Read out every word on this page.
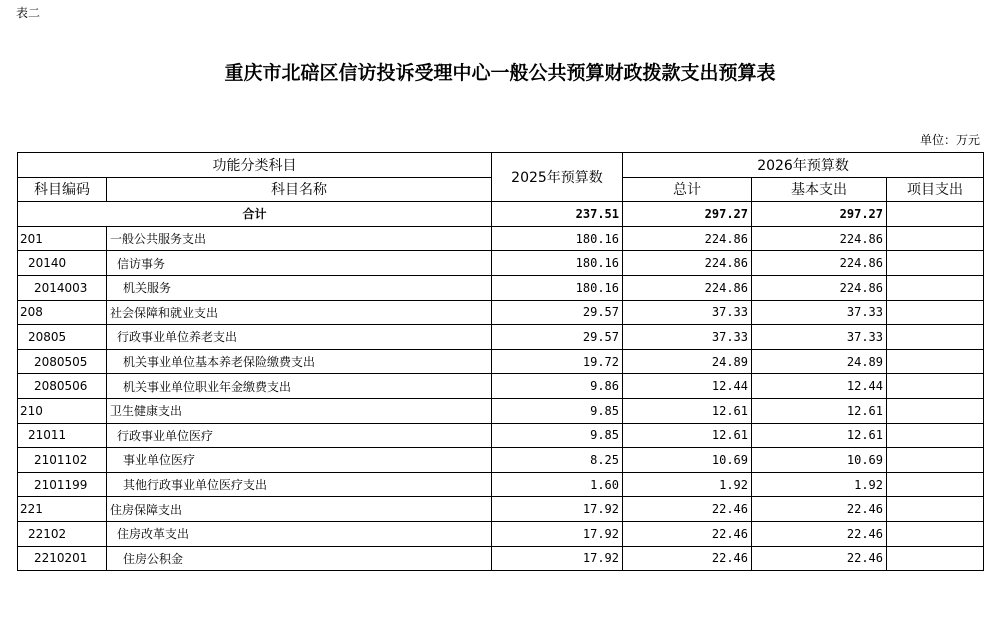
表二
重庆市北碚区信访投诉受理中心一般公共预算财政拨款支出预算表
单位：万元
功能分类科目		2025年预算数	2026年预算数		
科目编码	科目名称		总计	基本支出	项目支出
合计		237.51	297.27	297.27	
201	一般公共服务支出	180.16	224.86	224.86	
20140	信访事务	180.16	224.86	224.86	
2014003	机关服务	180.16	224.86	224.86	
208	社会保障和就业支出	29.57	37.33	37.33	
20805	行政事业单位养老支出	29.57	37.33	37.33	
2080505	机关事业单位基本养老保险缴费支出	19.72	24.89	24.89	
2080506	机关事业单位职业年金缴费支出	9.86	12.44	12.44	
210	卫生健康支出	9.85	12.61	12.61	
21011	行政事业单位医疗	9.85	12.61	12.61	
2101102	事业单位医疗	8.25	10.69	10.69	
2101199	其他行政事业单位医疗支出	1.60	1.92	1.92	
221	住房保障支出	17.92	22.46	22.46	
22102	住房改革支出	17.92	22.46	22.46	
2210201	住房公积金	17.92	22.46	22.46	
